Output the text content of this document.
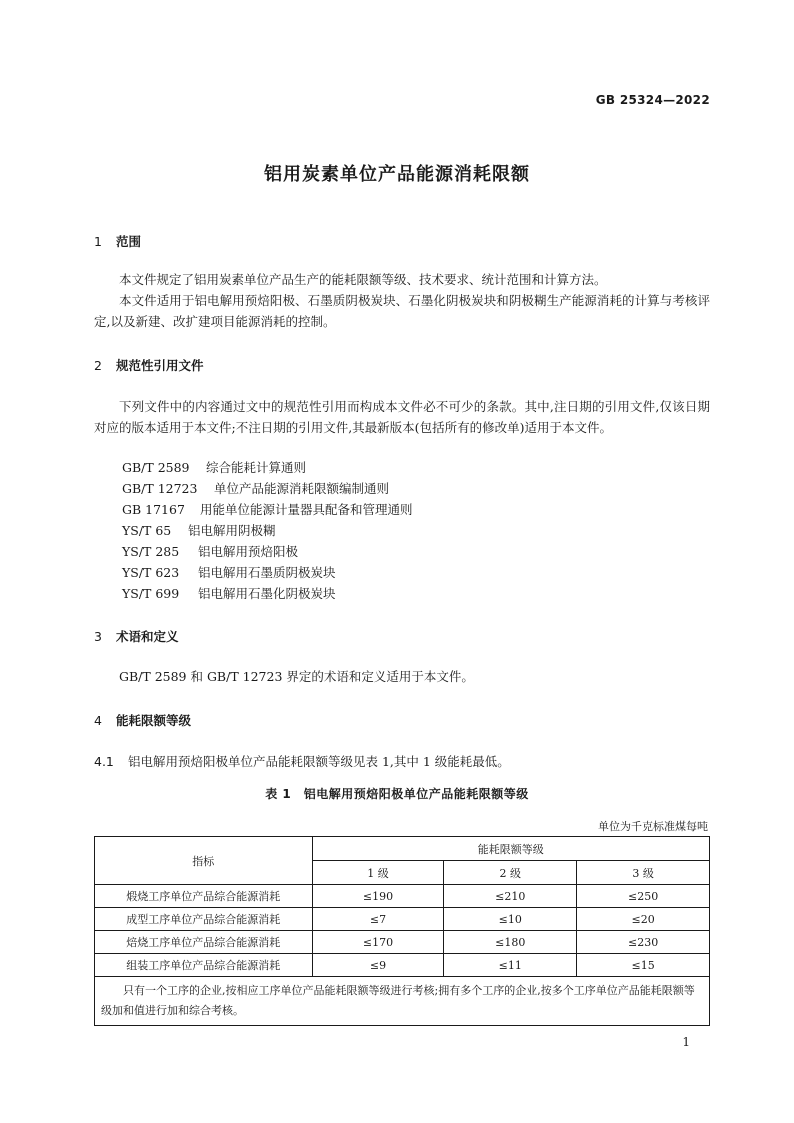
GB 25324—2022
铝用炭素单位产品能源消耗限额
1 范围
本文件规定了铝用炭素单位产品生产的能耗限额等级、技术要求、统计范围和计算方法。
本文件适用于铝电解用预焙阳极、石墨质阴极炭块、石墨化阴极炭块和阴极糊生产能源消耗的计算与考核评定,以及新建、改扩建项目能源消耗的控制。
2 规范性引用文件
下列文件中的内容通过文中的规范性引用而构成本文件必不可少的条款。其中,注日期的引用文件,仅该日期对应的版本适用于本文件;不注日期的引用文件,其最新版本(包括所有的修改单)适用于本文件。
GB/T 2589 综合能耗计算通则
GB/T 12723 单位产品能源消耗限额编制通则
GB 17167 用能单位能源计量器具配备和管理通则
YS/T 65 铝电解用阴极糊
YS/T 285 铝电解用预焙阳极
YS/T 623 铝电解用石墨质阴极炭块
YS/T 699 铝电解用石墨化阴极炭块
3 术语和定义
GB/T 2589 和 GB/T 12723 界定的术语和定义适用于本文件。
4 能耗限额等级
4.1 铝电解用预焙阳极单位产品能耗限额等级见表 1,其中 1 级能耗最低。
表 1　铝电解用预焙阳极单位产品能耗限额等级
单位为千克标准煤每吨
指标	能耗限额等级		
	1 级	2 级	3 级
煅烧工序单位产品综合能源消耗	≤190	≤210	≤250
成型工序单位产品综合能源消耗	≤7	≤10	≤20
焙烧工序单位产品综合能源消耗	≤170	≤180	≤230
组装工序单位产品综合能源消耗	≤9	≤11	≤15
只有一个工序的企业,按相应工序单位产品能耗限额等级进行考核;拥有多个工序的企业,按多个工序单位产品能耗限额等级加和值进行加和综合考核。			
1
